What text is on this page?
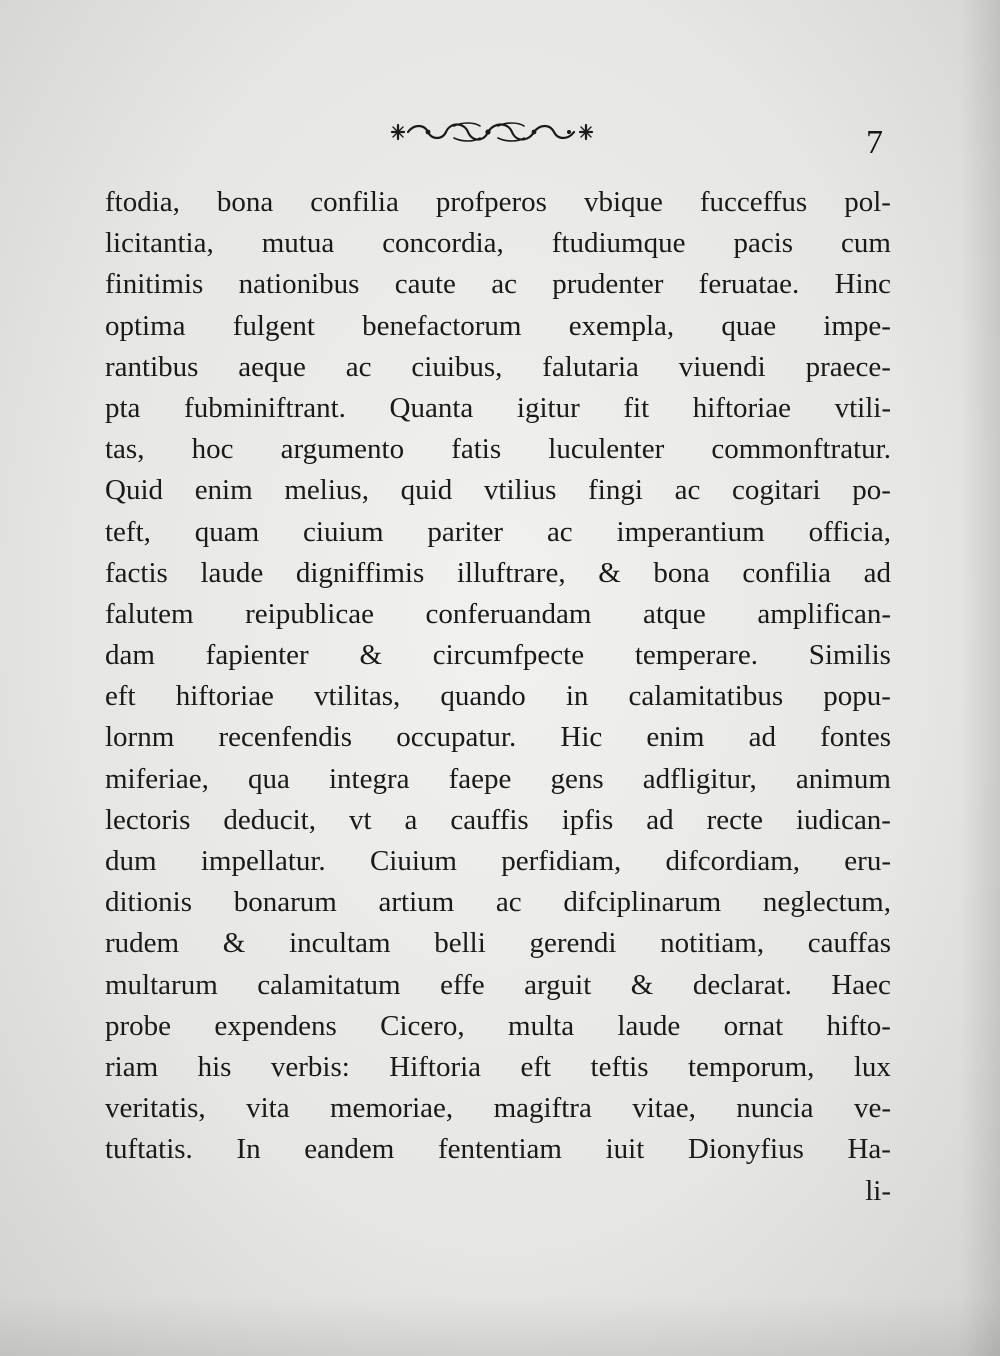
7
ftodia, bona confilia profperos vbique fucceffus pol-
licitantia, mutua concordia, ftudiumque pacis cum
finitimis nationibus caute ac prudenter feruatae. Hinc
optima fulgent benefactorum exempla, quae impe-
rantibus aeque ac ciuibus, falutaria viuendi praece-
pta fubminiftrant. Quanta igitur fit hiftoriae vtili-
tas, hoc argumento fatis luculenter commonftratur.
Quid enim melius, quid vtilius fingi ac cogitari po-
teft, quam ciuium pariter ac imperantium officia,
factis laude digniffimis illuftrare, & bona confilia ad
falutem reipublicae conferuandam atque amplifican-
dam fapienter & circumfpecte temperare. Similis
eft hiftoriae vtilitas, quando in calamitatibus popu-
lornm recenfendis occupatur. Hic enim ad fontes
miferiae, qua integra faepe gens adfligitur, animum
lectoris deducit, vt a cauffis ipfis ad recte iudican-
dum impellatur. Ciuium perfidiam, difcordiam, eru-
ditionis bonarum artium ac difciplinarum neglectum,
rudem & incultam belli gerendi notitiam, cauffas
multarum calamitatum effe arguit & declarat. Haec
probe expendens Cicero, multa laude ornat hifto-
riam his verbis: Hiftoria eft teftis temporum, lux
veritatis, vita memoriae, magiftra vitae, nuncia ve-
tuftatis. In eandem fententiam iuit Dionyfius Ha-
li-
